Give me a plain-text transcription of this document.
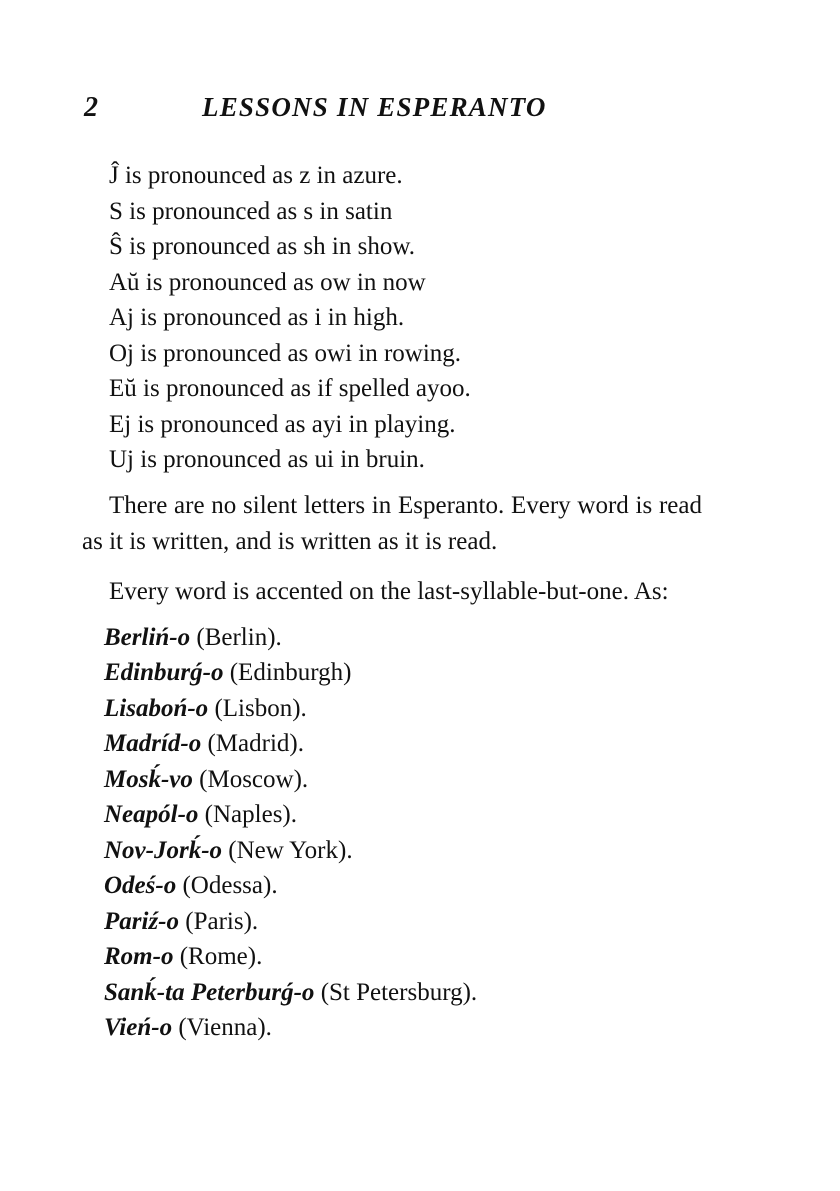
2	LESSONS IN ESPERANTO
Ĵ is pronounced as z in azure.
S is pronounced as s in satin
Ŝ is pronounced as sh in show.
Aŭ is pronounced as ow in now
Aj is pronounced as i in high.
Oj is pronounced as owi in rowing.
Eŭ is pronounced as if spelled ayoo.
Ej is pronounced as ayi in playing.
Uj is pronounced as ui in bruin.

There are no silent letters in Esperanto. Every word is read as it is written, and is written as it is read.

Every word is accented on the last-syllable-but-one. As:

Berliń-o (Berlin).
Edinburǵ-o (Edinburgh)
Lisaboń-o (Lisbon).
Madríd-o (Madrid).
Mosḱ-vo (Moscow).
Neapól-o (Naples).
Nov-Jorḱ-o (New York).
Odeś-o (Odessa).
Pariź-o (Paris).
Rom-o (Rome).
Sanḱ-ta Peterburǵ-o (St Petersburg).
Vień-o (Vienna).
